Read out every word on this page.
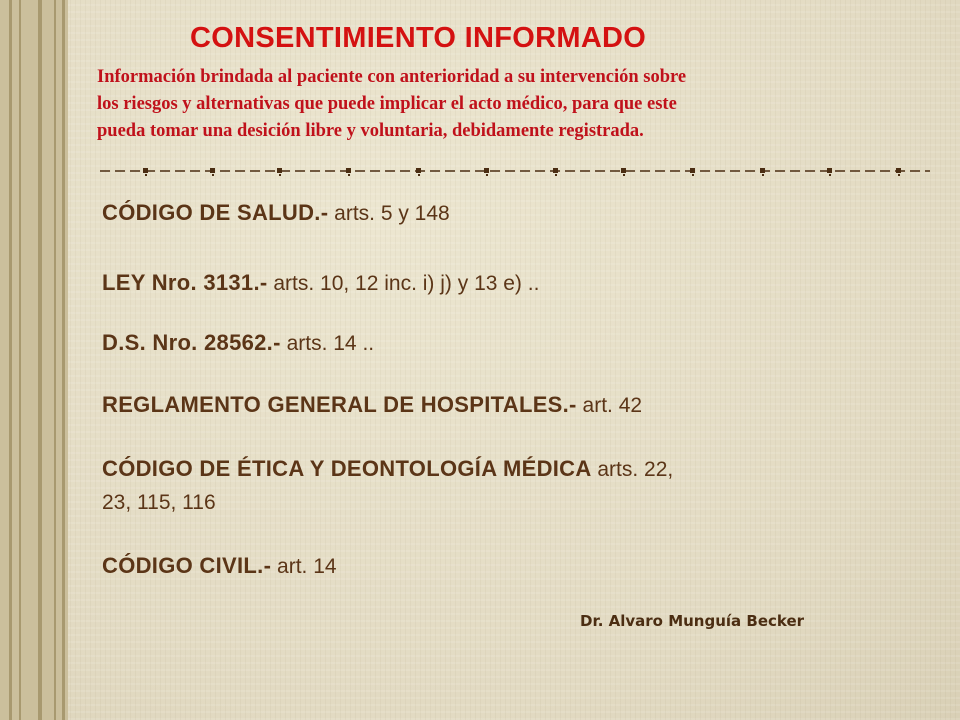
CONSENTIMIENTO INFORMADO
Información brindada al paciente con anterioridad a su intervención sobre
los riesgos y alternativas que puede implicar el acto médico, para que este
pueda tomar una desición libre y voluntaria, debidamente registrada.
CÓDIGO DE SALUD.- arts. 5 y 148
LEY Nro. 3131.- arts. 10, 12 inc. i) j) y 13 e) ..
D.S. Nro. 28562.- arts. 14 ..
REGLAMENTO GENERAL DE HOSPITALES.- art. 42
CÓDIGO DE ÉTICA Y DEONTOLOGÍA MÉDICA arts. 22,
23, 115, 116
CÓDIGO CIVIL.- art. 14
Dr. Alvaro Munguía Becker
